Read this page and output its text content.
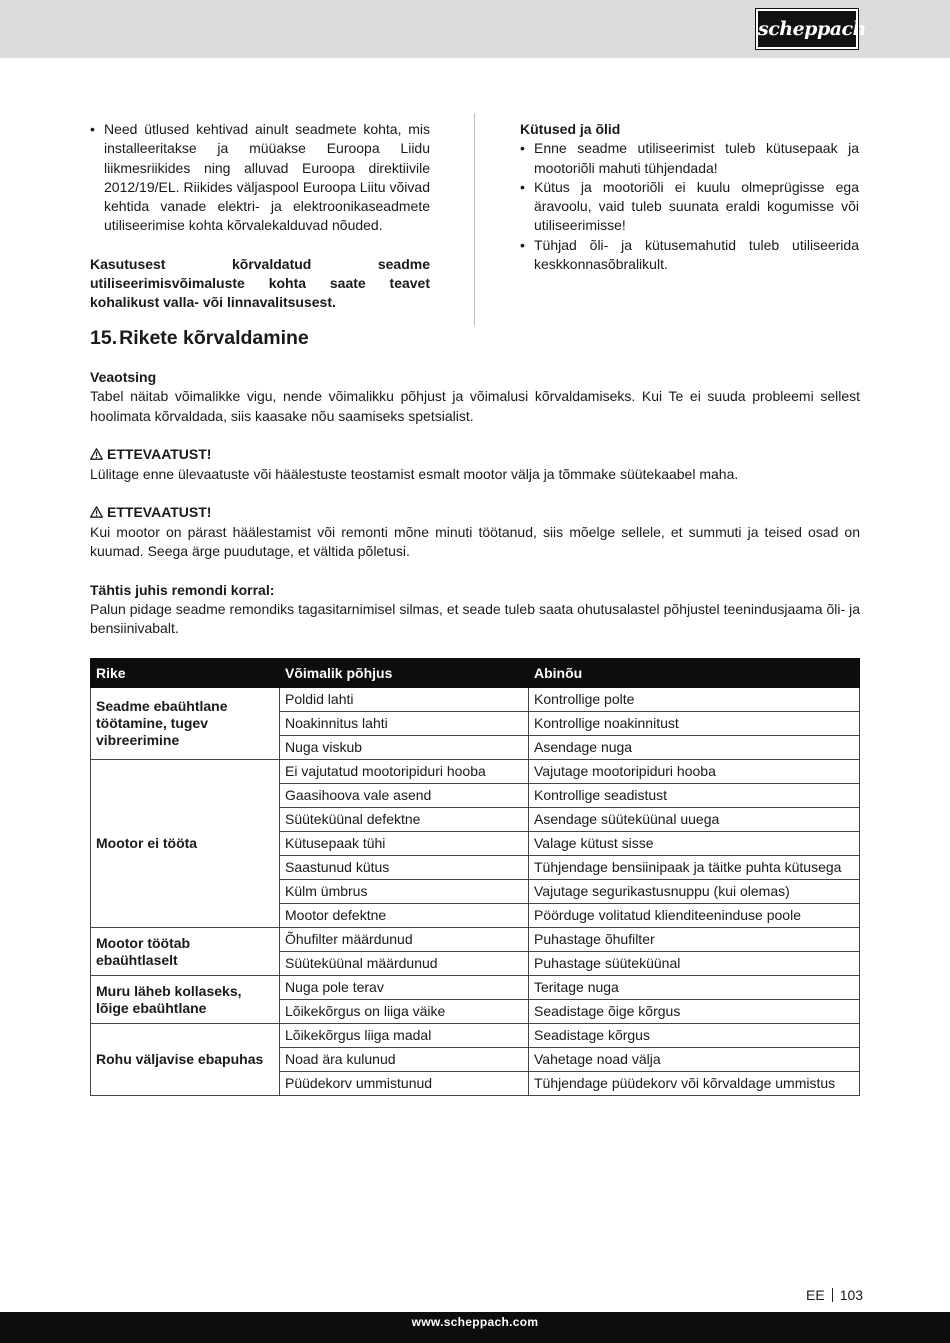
scheppach
• Need ütlused kehtivad ainult seadmete kohta, mis installeeritakse ja müüakse Euroopa Liidu liikmesriikides ning alluvad Euroopa direktiivile 2012/19/EL. Riikides väljaspool Euroopa Liitu võivad kehtida vanade elektri- ja elektroonikaseadmete utiliseerimise kohta kõrvalekalduvad nõuded.
Kasutusest kõrvaldatud seadme utiliseerimisvõimaluste kohta saate teavet kohalikust valla- või linnavalitsusest.
Kütused ja õlid
• Enne seadme utiliseerimist tuleb kütusepaak ja mootoriõli mahuti tühjendada!
• Kütus ja mootoriõli ei kuulu olmeprügisse ega äravoolu, vaid tuleb suunata eraldi kogumisse või utiliseerimisse!
• Tühjad õli- ja kütusemahutid tuleb utiliseerida keskkonnasõbralikult.
15. Rikete kõrvaldamine

Veaotsing

Tabel näitab võimalikke vigu, nende võimalikku põhjust ja võimalusi kõrvaldamiseks. Kui Te ei suuda probleemi sellest hoolimata kõrvaldada, siis kaasake nõu saamiseks spetsialist.

ETTEVAATUST!

Lülitage enne ülevaatuste või häälestuste teostamist esmalt mootor välja ja tõmmake süütekaabel maha.

ETTEVAATUST!

Kui mootor on pärast häälestamist või remonti mõne minuti töötanud, siis mõelge sellele, et summuti ja teised osad on kuumad. Seega ärge puudutage, et vältida põletusi.

Tähtis juhis remondi korral:

Palun pidage seadme remondiks tagasitarnimisel silmas, et seade tuleb saata ohutusalastel põhjustel teenindusjaama õli- ja bensiinivabalt.

Rike	Võimalik põhjus	Abinõu
Seadme ebaühtlane töötamine, tugev vibreerimine	Poldid lahti	Kontrollige polte
	Noakinnitus lahti	Kontrollige noakinnitust
	Nuga viskub	Asendage nuga
Mootor ei tööta	Ei vajutatud mootoripiduri hooba	Vajutage mootoripiduri hooba
	Gaasihoova vale asend	Kontrollige seadistust
	Süüteküünal defektne	Asendage süüteküünal uuega
	Kütusepaak tühi	Valage kütust sisse
	Saastunud kütus	Tühjendage bensiinipaak ja täitke puhta kütusega
	Külm ümbrus	Vajutage segurikastusnuppu (kui olemas)
	Mootor defektne	Pöörduge volitatud klienditeeninduse poole
Mootor töötab ebaühtlaselt	Õhufilter määrdunud	Puhastage õhufilter
	Süüteküünal määrdunud	Puhastage süüteküünal
Muru läheb kollaseks, lõige ebaühtlane	Nuga pole terav	Teritage nuga
	Lõikekõrgus on liiga väike	Seadistage õige kõrgus
Rohu väljavise ebapuhas	Lõikekõrgus liiga madal	Seadistage kõrgus
	Noad ära kulunud	Vahetage noad välja
	Püüdekorv ummistunud	Tühjendage püüdekorv või kõrvaldage ummistus
EE 103
www.scheppach.com
